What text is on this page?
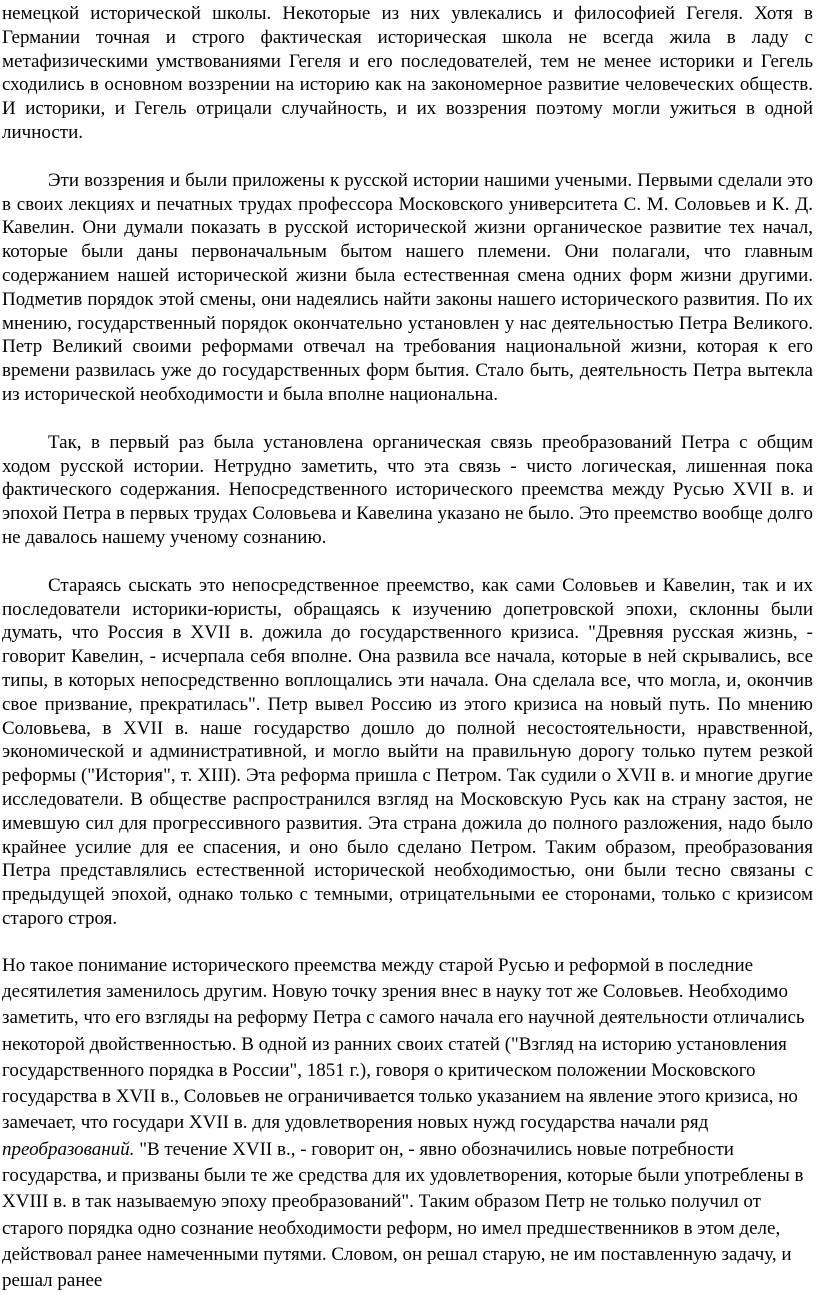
немецкой исторической школы. Некоторые из них увлекались и философией Гегеля. Хотя в Германии точная и строго фактическая историческая школа не всегда жила в ладу с метафизическими умствованиями Гегеля и его последователей, тем не менее историки и Гегель сходились в основном воззрении на историю как на закономерное развитие человеческих обществ. И историки, и Гегель отрицали случайность, и их воззрения поэтому могли ужиться в одной личности.

Эти воззрения и были приложены к русской истории нашими учеными. Первыми сделали это в своих лекциях и печатных трудах профессора Московского университета С. М. Соловьев и К. Д. Кавелин. Они думали показать в русской исторической жизни органическое развитие тех начал, которые были даны первоначальным бытом нашего племени. Они полагали, что главным содержанием нашей исторической жизни была естественная смена одних форм жизни другими. Подметив порядок этой смены, они надеялись найти законы нашего исторического развития. По их мнению, государственный порядок окончательно установлен у нас деятельностью Петра Великого. Петр Великий своими реформами отвечал на требования национальной жизни, которая к его времени развилась уже до государственных форм бытия. Стало быть, деятельность Петра вытекла из исторической необходимости и была вполне национальна.

Так, в первый раз была установлена органическая связь преобразований Петра с общим ходом русской истории. Нетрудно заметить, что эта связь - чисто логическая, лишенная пока фактического содержания. Непосредственного исторического преемства между Русью XVII в. и эпохой Петра в первых трудах Соловьева и Кавелина указано не было. Это преемство вообще долго не давалось нашему ученому сознанию.

Стараясь сыскать это непосредственное преемство, как сами Соловьев и Кавелин, так и их последователи историки-юристы, обращаясь к изучению допетровской эпохи, склонны были думать, что Россия в XVII в. дожила до государственного кризиса. "Древняя русская жизнь, - говорит Кавелин, - исчерпала себя вполне. Она развила все начала, которые в ней скрывались, все типы, в которых непосредственно воплощались эти начала. Она сделала все, что могла, и, окончив свое призвание, прекратилась". Петр вывел Россию из этого кризиса на новый путь. По мнению Соловьева, в XVII в. наше государство дошло до полной несостоятельности, нравственной, экономической и административной, и могло выйти на правильную дорогу только путем резкой реформы ("История", т. XIII). Эта реформа пришла с Петром. Так судили о XVII в. и многие другие исследователи. В обществе распространился взгляд на Московскую Русь как на страну застоя, не имевшую сил для прогрессивного развития. Эта страна дожила до полного разложения, надо было крайнее усилие для ее спасения, и оно было сделано Петром. Таким образом, преобразования Петра представлялись естественной исторической необходимостью, они были тесно связаны с предыдущей эпохой, однако только с темными, отрицательными ее сторонами, только с кризисом старого строя.

Но такое понимание исторического преемства между старой Русью и реформой в последние десятилетия заменилось другим. Новую точку зрения внес в науку тот же Соловьев. Необходимо заметить, что его взгляды на реформу Петра с самого начала его научной деятельности отличались некоторой двойственностью. В одной из ранних своих статей ("Взгляд на историю установления государственного порядка в России", 1851 г.), говоря о критическом положении Московского государства в XVII в., Соловьев не ограничивается только указанием на явление этого кризиса, но замечает, что государи XVII в. для удовлетворения новых нужд государства начали ряд преобразований. "В течение XVII в., - говорит он, - явно обозначились новые потребности государства, и призваны были те же средства для их удовлетворения, которые были употреблены в XVIII в. в так называемую эпоху преобразований". Таким образом Петр не только получил от старого порядка одно сознание необходимости реформ, но имел предшественников в этом деле, действовал ранее намеченными путями. Словом, он решал старую, не им поставленную задачу, и решал ранее
